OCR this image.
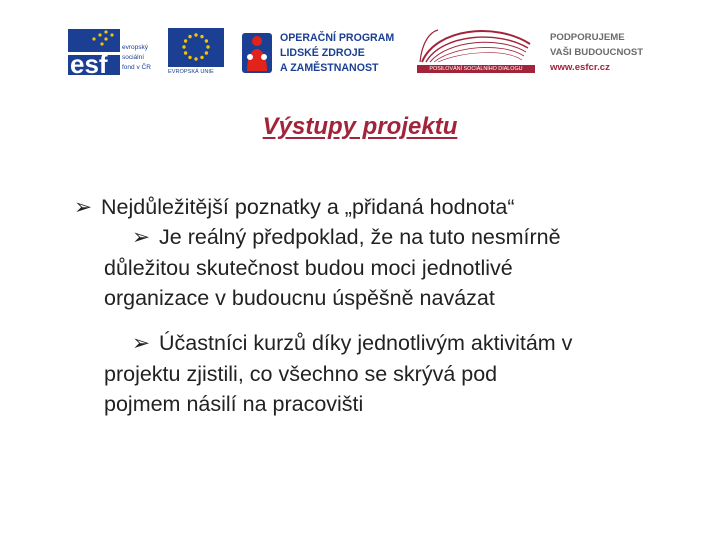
esf
evropský
sociální
fond v ČR
EVROPSKÁ UNIE
OPERAČNÍ PROGRAM
LIDSKÉ ZDROJE
A ZAMĚSTNANOST	POSILOVÁNÍ SOCIÁLNÍHO DIALOGU
PODPORUJEME
VAŠI BUDOUCNOST
www.esfcr.cz
Výstupy projektu
➢ Nejdůležitější poznatky a „přidaná hodnota“
➢ Je reálný předpoklad, že na tuto nesmírně
důležitou skutečnost budou moci jednotlivé
organizace v budoucnu úspěšně navázat
➢ Účastníci kurzů díky jednotlivým aktivitám v
projektu zjistili, co všechno se skrývá pod
pojmem násilí na pracovišti
